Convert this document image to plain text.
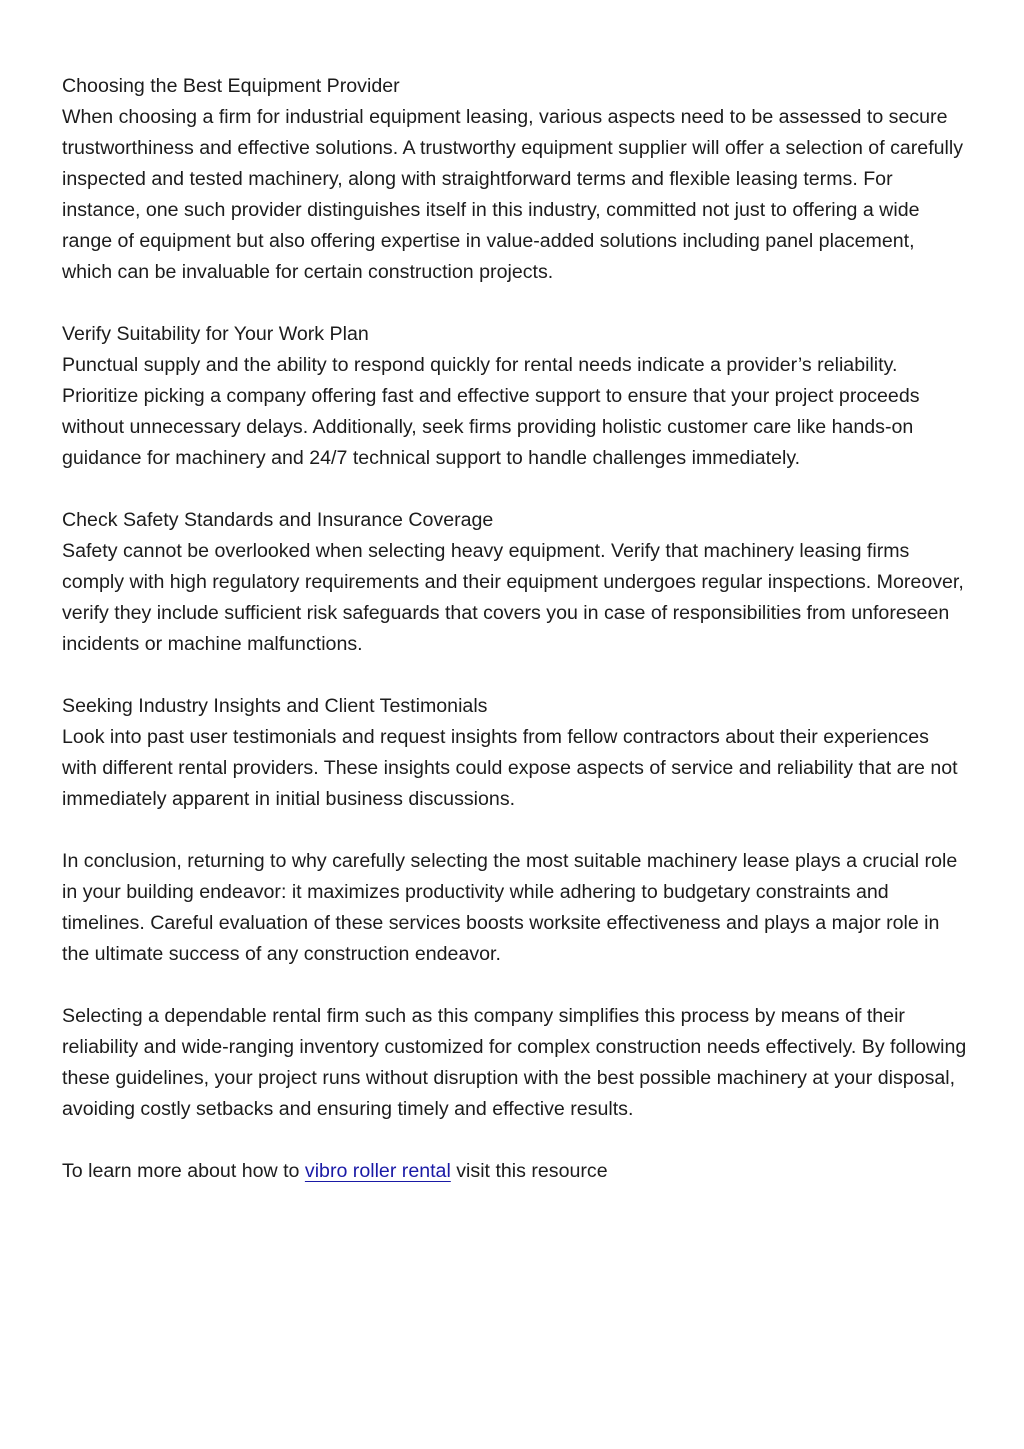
Choosing the Best Equipment Provider

When choosing a firm for industrial equipment leasing, various aspects need to be assessed to secure trustworthiness and effective solutions. A trustworthy equipment supplier will offer a selection of carefully inspected and tested machinery, along with straightforward terms and flexible leasing terms. For instance, one such provider distinguishes itself in this industry, committed not just to offering a wide range of equipment but also offering expertise in value-added solutions including panel placement, which can be invaluable for certain construction projects.

Verify Suitability for Your Work Plan

Punctual supply and the ability to respond quickly for rental needs indicate a provider’s reliability. Prioritize picking a company offering fast and effective support to ensure that your project proceeds without unnecessary delays. Additionally, seek firms providing holistic customer care like hands-on guidance for machinery and 24/7 technical support to handle challenges immediately.

Check Safety Standards and Insurance Coverage

Safety cannot be overlooked when selecting heavy equipment. Verify that machinery leasing firms comply with high regulatory requirements and their equipment undergoes regular inspections. Moreover, verify they include sufficient risk safeguards that covers you in case of responsibilities from unforeseen incidents or machine malfunctions.

Seeking Industry Insights and Client Testimonials

Look into past user testimonials and request insights from fellow contractors about their experiences with different rental providers. These insights could expose aspects of service and reliability that are not immediately apparent in initial business discussions.

In conclusion, returning to why carefully selecting the most suitable machinery lease plays a crucial role in your building endeavor: it maximizes productivity while adhering to budgetary constraints and timelines. Careful evaluation of these services boosts worksite effectiveness and plays a major role in the ultimate success of any construction endeavor.

Selecting a dependable rental firm such as this company simplifies this process by means of their reliability and wide-ranging inventory customized for complex construction needs effectively. By following these guidelines, your project runs without disruption with the best possible machinery at your disposal, avoiding costly setbacks and ensuring timely and effective results.

To learn more about how to vibro roller rental visit this resource
